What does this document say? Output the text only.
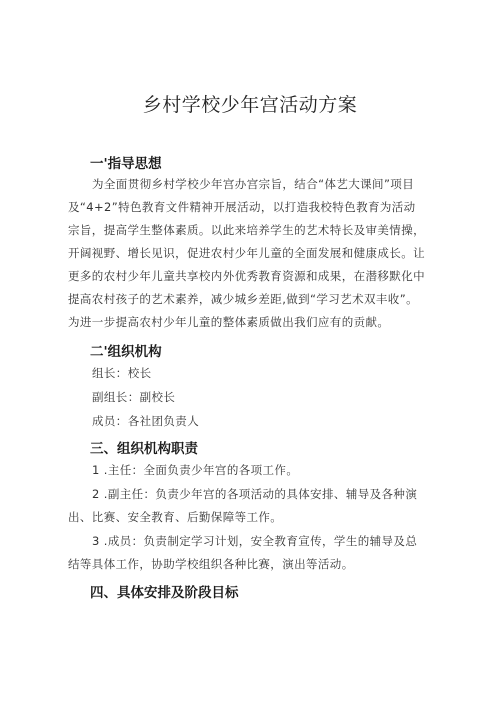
乡村学校少年宫活动方案
一'指导思想
为全面贯彻乡村学校少年宫办宫宗旨，结合“体艺大课间”项目
及“4+2”特色教育文件精神开展活动，以打造我校特色教育为活动
宗旨，提高学生整体素质。以此来培养学生的艺术特长及审美情操，
开阔视野、增长见识，促进农村少年儿童的全面发展和健康成长。让
更多的农村少年儿童共享校内外优秀教育资源和成果，在潜移默化中
提高农村孩子的艺术素养，减少城乡差距,做到“学习艺术双丰收”。
为进一步提高农村少年儿童的整体素质做出我们应有的贡献。
二'组织机构
组长：校长
副组长：副校长
成员：各社团负责人
三、组织机构职责
1 .主任：全面负责少年宫的各项工作。
2 .副主任：负责少年宫的各项活动的具体安排、辅导及各种演
出、比赛、安全教育、后勤保障等工作。
3 .成员：负责制定学习计划，安全教育宣传，学生的辅导及总
结等具体工作，协助学校组织各种比赛，演出等活动。
四、具体安排及阶段目标
